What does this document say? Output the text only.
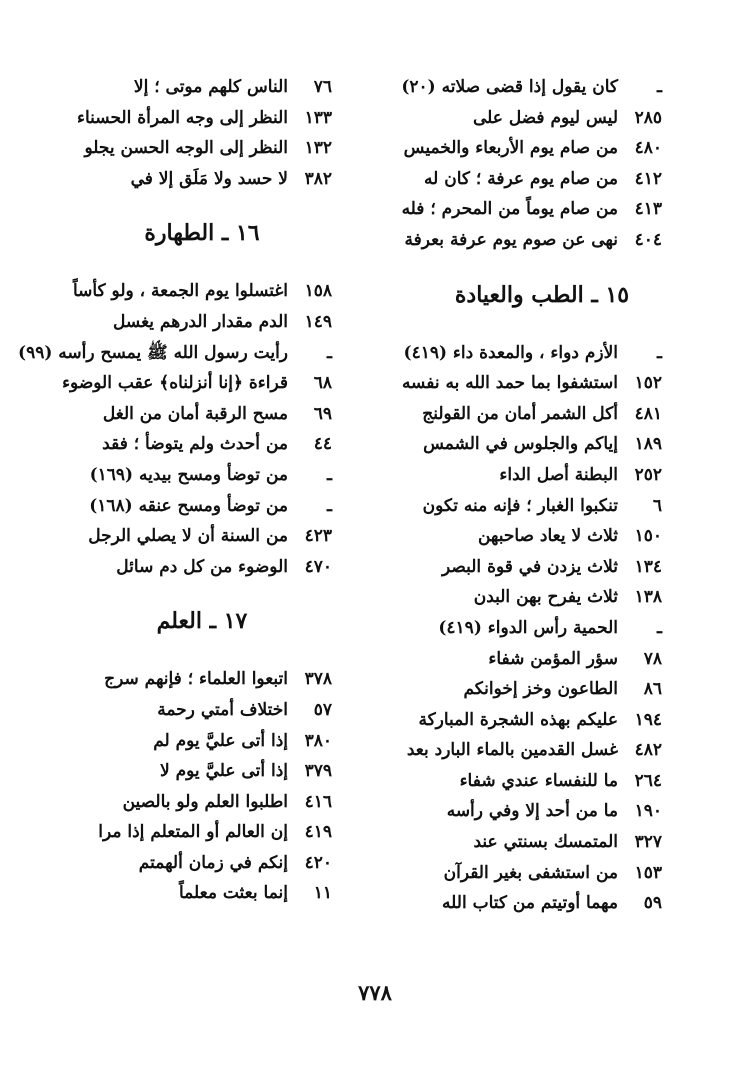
ـ
كان يقول إذا قضى صلاته (٢٠)
٢٨٥
ليس ليوم فضل على
٤٨٠
من صام يوم الأربعاء والخميس
٤١٢
من صام يوم عرفة ؛ كان له
٤١٣
من صام يوماً من المحرم ؛ فله
٤٠٤
نهى عن صوم يوم عرفة بعرفة
١٥ ـ الطب والعيادة
ـ
الأزم دواء ، والمعدة داء (٤١٩)
١٥٢
استشفوا بما حمد الله به نفسه
٤٨١
أكل الشمر أمان من القولنج
١٨٩
إياكم والجلوس في الشمس
٢٥٢
البطنة أصل الداء
٦
تنكبوا الغبار ؛ فإنه منه تكون
١٥٠
ثلاث لا يعاد صاحبهن
١٣٤
ثلاث يزدن في قوة البصر
١٣٨
ثلاث يفرح بهن البدن
ـ
الحمية رأس الدواء (٤١٩)
٧٨
سؤر المؤمن شفاء
٨٦
الطاعون وخز إخوانكم
١٩٤
عليكم بهذه الشجرة المباركة
٤٨٢
غسل القدمين بالماء البارد بعد
٢٦٤
ما للنفساء عندي شفاء
١٩٠
ما من أحد إلا وفي رأسه
٣٢٧
المتمسك بسنتي عند
١٥٣
من استشفى بغير القرآن
٥٩
مهما أوتيتم من كتاب الله
٧٦
الناس كلهم موتى ؛ إلا
١٣٣
النظر إلى وجه المرأة الحسناء
١٣٢
النظر إلى الوجه الحسن يجلو
٣٨٢
لا حسد ولا مَلَق إلا في
١٦ ـ الطهارة
١٥٨
اغتسلوا يوم الجمعة ، ولو كأساً
١٤٩
الدم مقدار الدرهم يغسل
ـ
رأيت رسول الله ﷺ يمسح رأسه (٩٩)
٦٨
قراءة ﴿إنا أنزلناه﴾ عقب الوضوء
٦٩
مسح الرقبة أمان من الغل
٤٤
من أحدث ولم يتوضأ ؛ فقد
ـ
من توضأ ومسح بيديه (١٦٩)
ـ
من توضأ ومسح عنقه (١٦٨)
٤٢٣
من السنة أن لا يصلي الرجل
٤٧٠
الوضوء من كل دم سائل
١٧ ـ العلم
٣٧٨
اتبعوا العلماء ؛ فإنهم سرج
٥٧
اختلاف أمتي رحمة
٣٨٠
إذا أتى عليَّ يوم لم
٣٧٩
إذا أتى عليَّ يوم لا
٤١٦
اطلبوا العلم ولو بالصين
٤١٩
إن العالم أو المتعلم إذا مرا
٤٢٠
إنكم في زمان ألهمتم
١١
إنما بعثت معلماً
٧٧٨
